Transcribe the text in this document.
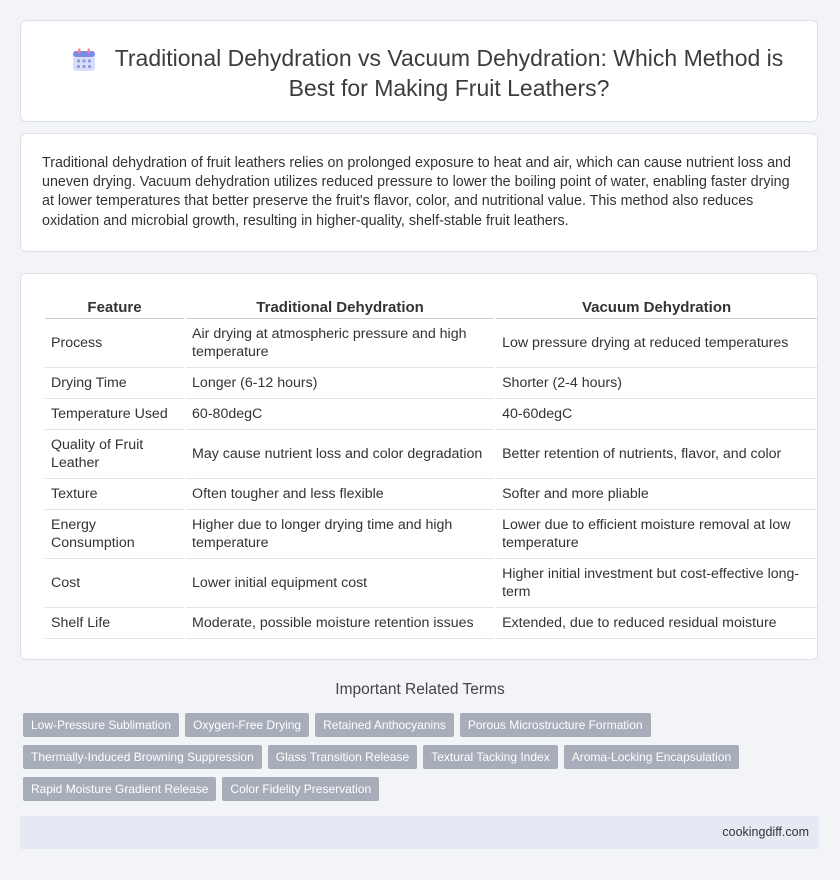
Traditional Dehydration vs Vacuum Dehydration: Which Method is Best for Making Fruit Leathers?

Traditional dehydration of fruit leathers relies on prolonged exposure to heat and air, which can cause nutrient loss and uneven drying. Vacuum dehydration utilizes reduced pressure to lower the boiling point of water, enabling faster drying at lower temperatures that better preserve the fruit's flavor, color, and nutritional value. This method also reduces oxidation and microbial growth, resulting in higher-quality, shelf-stable fruit leathers.

Feature	Traditional Dehydration	Vacuum Dehydration
Process	Air drying at atmospheric pressure and high temperature	Low pressure drying at reduced temperatures
Drying Time	Longer (6-12 hours)	Shorter (2-4 hours)
Temperature Used	60-80degC	40-60degC
Quality of Fruit Leather	May cause nutrient loss and color degradation	Better retention of nutrients, flavor, and color
Texture	Often tougher and less flexible	Softer and more pliable
Energy Consumption	Higher due to longer drying time and high temperature	Lower due to efficient moisture removal at low temperature
Cost	Lower initial equipment cost	Higher initial investment but cost-effective long-term
Shelf Life	Moderate, possible moisture retention issues	Extended, due to reduced residual moisture
Important Related Terms
Low-Pressure Sublimation	Oxygen-Free Drying	Retained Anthocyanins	Porous Microstructure Formation
Thermally-Induced Browning Suppression	Glass Transition Release	Textural Tacking Index	Aroma-Locking Encapsulation
Rapid Moisture Gradient Release	Color Fidelity Preservation
cookingdiff.com
